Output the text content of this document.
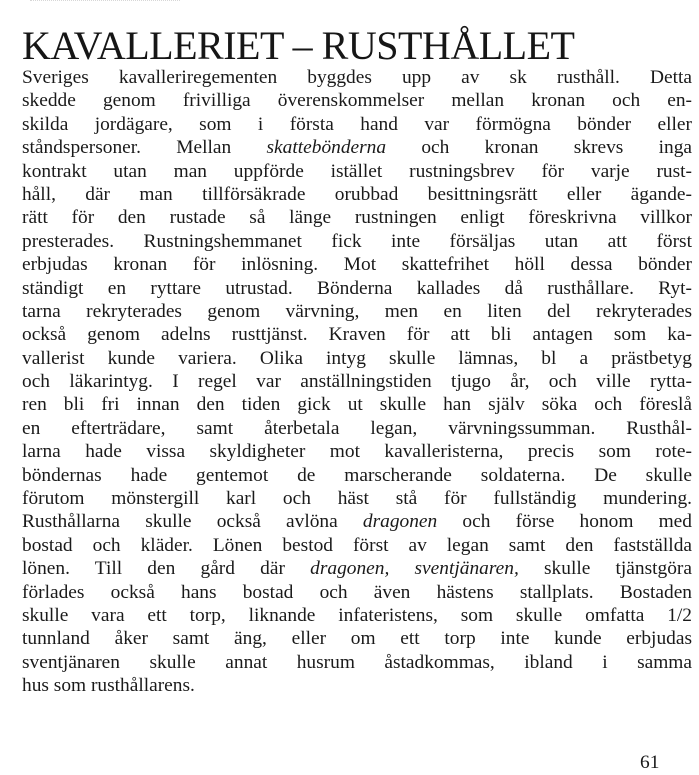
KAVALLERIET – RUSTHÅLLET
Sveriges kavalleriregementen byggdes upp av sk rusthåll. Detta
skedde genom frivilliga överenskommelser mellan kronan och en-
skilda jordägare, som i första hand var förmögna bönder eller
ståndspersoner. Mellan skattebönderna och kronan skrevs inga
kontrakt utan man uppförde istället rustningsbrev för varje rust-
håll, där man tillförsäkrade orubbad besittningsrätt eller ägande-
rätt för den rustade så länge rustningen enligt föreskrivna villkor
presterades. Rustningshemmanet fick inte försäljas utan att först
erbjudas kronan för inlösning. Mot skattefrihet höll dessa bönder
ständigt en ryttare utrustad. Bönderna kallades då rusthållare. Ryt-
tarna rekryterades genom värvning, men en liten del rekryterades
också genom adelns rusttjänst. Kraven för att bli antagen som ka-
vallerist kunde variera. Olika intyg skulle lämnas, bl a prästbetyg
och läkarintyg. I regel var anställningstiden tjugo år, och ville rytta-
ren bli fri innan den tiden gick ut skulle han själv söka och föreslå
en efterträdare, samt återbetala legan, värvningssumman. Rusthål-
larna hade vissa skyldigheter mot kavalleristerna, precis som rote-
böndernas hade gentemot de marscherande soldaterna. De skulle
förutom mönstergill karl och häst stå för fullständig mundering.
Rusthållarna skulle också avlöna dragonen och förse honom med
bostad och kläder. Lönen bestod först av legan samt den fastställda
lönen. Till den gård där dragonen, sventjänaren, skulle tjänstgöra
förlades också hans bostad och även hästens stallplats. Bostaden
skulle vara ett torp, liknande infateristens, som skulle omfatta 1/2
tunnland åker samt äng, eller om ett torp inte kunde erbjudas
sventjänaren skulle annat husrum åstadkommas, ibland i samma
hus som rusthållarens.

61
